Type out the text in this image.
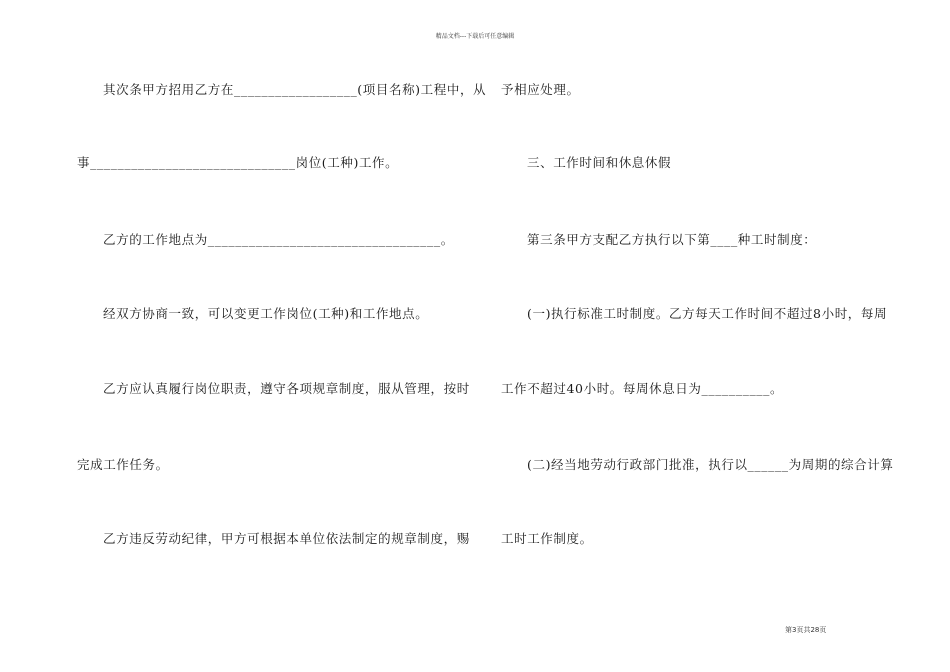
精品文档---下载后可任意编辑
其次条甲方招用乙方在__________________(项目名称)工程中，从
事______________________________岗位(工种)工作。
乙方的工作地点为__________________________________。
经双方协商一致，可以变更工作岗位(工种)和工作地点。
乙方应认真履行岗位职责，遵守各项规章制度，服从管理，按时
完成工作任务。
乙方违反劳动纪律，甲方可根据本单位依法制定的规章制度，赐
予相应处理。
三、工作时间和休息休假
第三条甲方支配乙方执行以下第____种工时制度：
(一)执行标准工时制度。乙方每天工作时间不超过8小时，每周
工作不超过40小时。每周休息日为__________。
(二)经当地劳动行政部门批准，执行以______为周期的综合计算
工时工作制度。
第3页共28页
